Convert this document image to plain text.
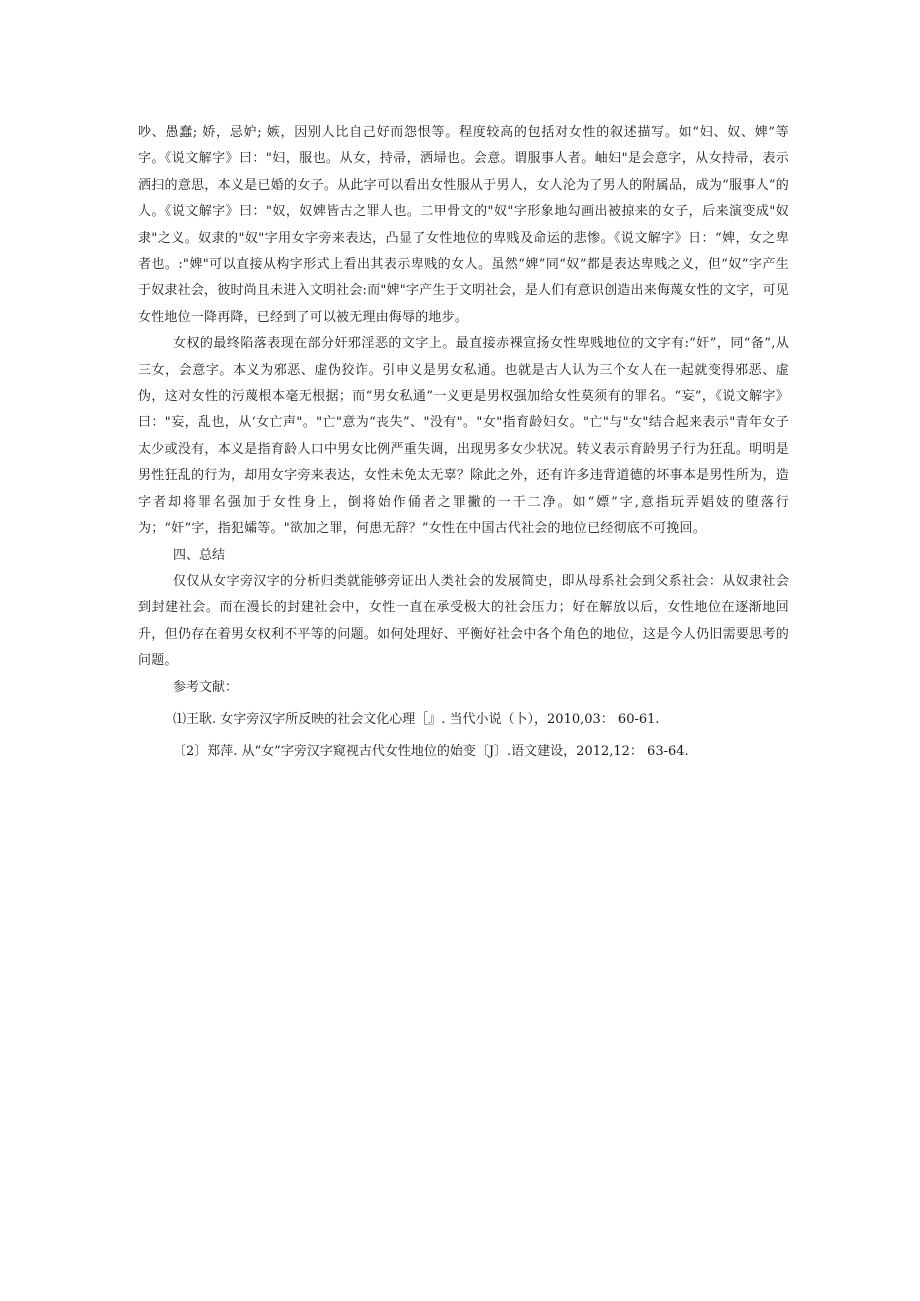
吵、愚蠢; 娇，忌妒; 嫉，因别人比自己好而怨恨等。程度较高的包括对女性的叙述描写。如“妇、奴、婢”等字。《说文解字》曰："妇，服也。从女，持帚，洒埽也。会意。谓服事人者。岫妇"是会意字，从女持帚，表示洒扫的意思，本义是已婚的女子。从此字可以看出女性服从于男人，女人沦为了男人的附属品，成为“服事人”的人。《说文解字》曰："奴，奴婢皆古之罪人也。二甲骨文的"奴"字形象地勾画出被掠来的女子，后来演变成"奴隶"之义。奴隶的"奴"字用女字旁来表达，凸显了女性地位的卑贱及命运的悲惨。《说文解字》日：“婢，女之卑者也。:"婢"可以直接从构字形式上看出其表示卑贱的女人。虽然“婢”同“奴”都是表达卑贱之义，但“奴”字产生于奴隶社会，彼时尚且未进入文明社会:而"婢"字产生于文明社会，是人们有意识创造出来侮蔑女性的文字，可见女性地位一降再降，已经到了可以被无理由侮辱的地步。

女权的最终陷落表现在部分奸邪淫恶的文字上。最直接赤裸宣扬女性卑贱地位的文字有:“奸”，同“备”,从三女，会意字。本义为邪恶、虚伪狡诈。引申义是男女私通。也就是古人认为三个女人在一起就变得邪恶、虚伪，这对女性的污蔑根本毫无根据；而“男女私通”一义更是男权强加给女性莫须有的罪名。“妄”，《说文解字》曰："妄，乱也，从‘女亡声"。"亡"意为“丧失”、"没有"。"女"指育龄妇女。"亡"与"女"结合起来表示"青年女子太少或没有，本义是指育龄人口中男女比例严重失调，出现男多女少状况。转义表示育龄男子行为狂乱。明明是男性狂乱的行为，却用女字旁来表达，女性未免太无辜？除此之外，还有许多违背道德的坏事本是男性所为，造字者却将罪名强加于女性身上，倒将始作俑者之罪撇的一干二净。如“嫖”字,意指玩弄娼妓的堕落行为；“奸”字，指犯孀等。"欲加之罪，何患无辞？”女性在中国古代社会的地位已经彻底不可挽回。

四、总结

仅仅从女字旁汉字的分析归类就能够旁证出人类社会的发展简史，即从母系社会到父系社会：从奴隶社会到封建社会。而在漫长的封建社会中，女性一直在承受极大的社会压力；好在解放以后，女性地位在逐渐地回升，但仍存在着男女权利不平等的问题。如何处理好、平衡好社会中各个角色的地位，这是今人仍旧需要思考的问题。

参考文献：

⑴王耿. 女字旁汉字所反映的社会文化心理［』. 当代小说（卜），2010,03： 60-61.

〔2〕郑萍. 从“女”字旁汉字窥视古代女性地位的始变〔J〕.语文建设，2012,12： 63-64.
